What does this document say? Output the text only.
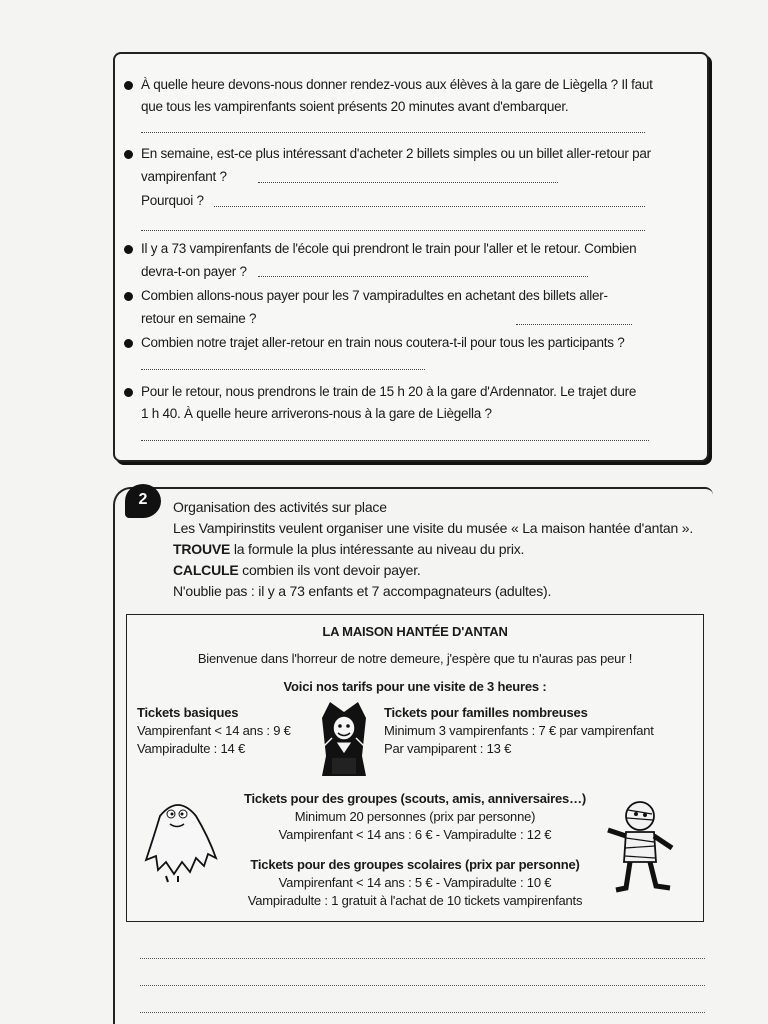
À quelle heure devons-nous donner rendez-vous aux élèves à la gare de Liègella ? Il faut
que tous les vampirenfants soient présents 20 minutes avant d'embarquer.
En semaine, est-ce plus intéressant d'acheter 2 billets simples ou un billet aller-retour par
vampirenfant ?
Pourquoi ?
Il y a 73 vampirenfants de l'école qui prendront le train pour l'aller et le retour. Combien
devra-t-on payer ?
Combien allons-nous payer pour les 7 vampiradultes en achetant des billets aller-
retour en semaine ?
Combien notre trajet aller-retour en train nous coutera-t-il pour tous les participants ?
Pour le retour, nous prendrons le train de 15 h 20 à la gare d'Ardennator. Le trajet dure
1 h 40. À quelle heure arriverons-nous à la gare de Liègella ?
2	Organisation des activités sur place
Les Vampirinstits veulent organiser une visite du musée « La maison hantée d'antan ».
TROUVE la formule la plus intéressante au niveau du prix.
CALCULE combien ils vont devoir payer.
N'oublie pas : il y a 73 enfants et 7 accompagnateurs (adultes).
LA MAISON HANTÉE D'ANTAN
Bienvenue dans l'horreur de notre demeure, j'espère que tu n'auras pas peur !
Voici nos tarifs pour une visite de 3 heures :
Tickets basiques
Vampirenfant < 14 ans : 9 €
Vampiradulte : 14 €
Tickets pour familles nombreuses
Minimum 3 vampirenfants : 7 € par vampirenfant
Par vampiparent : 13 €
Tickets pour des groupes (scouts, amis, anniversaires…)
Minimum 20 personnes (prix par personne)
Vampirenfant < 14 ans : 6 € - Vampiradulte : 12 €
Tickets pour des groupes scolaires (prix par personne)
Vampirenfant < 14 ans : 5 € - Vampiradulte : 10 €
Vampiradulte : 1 gratuit à l'achat de 10 tickets vampirenfants
